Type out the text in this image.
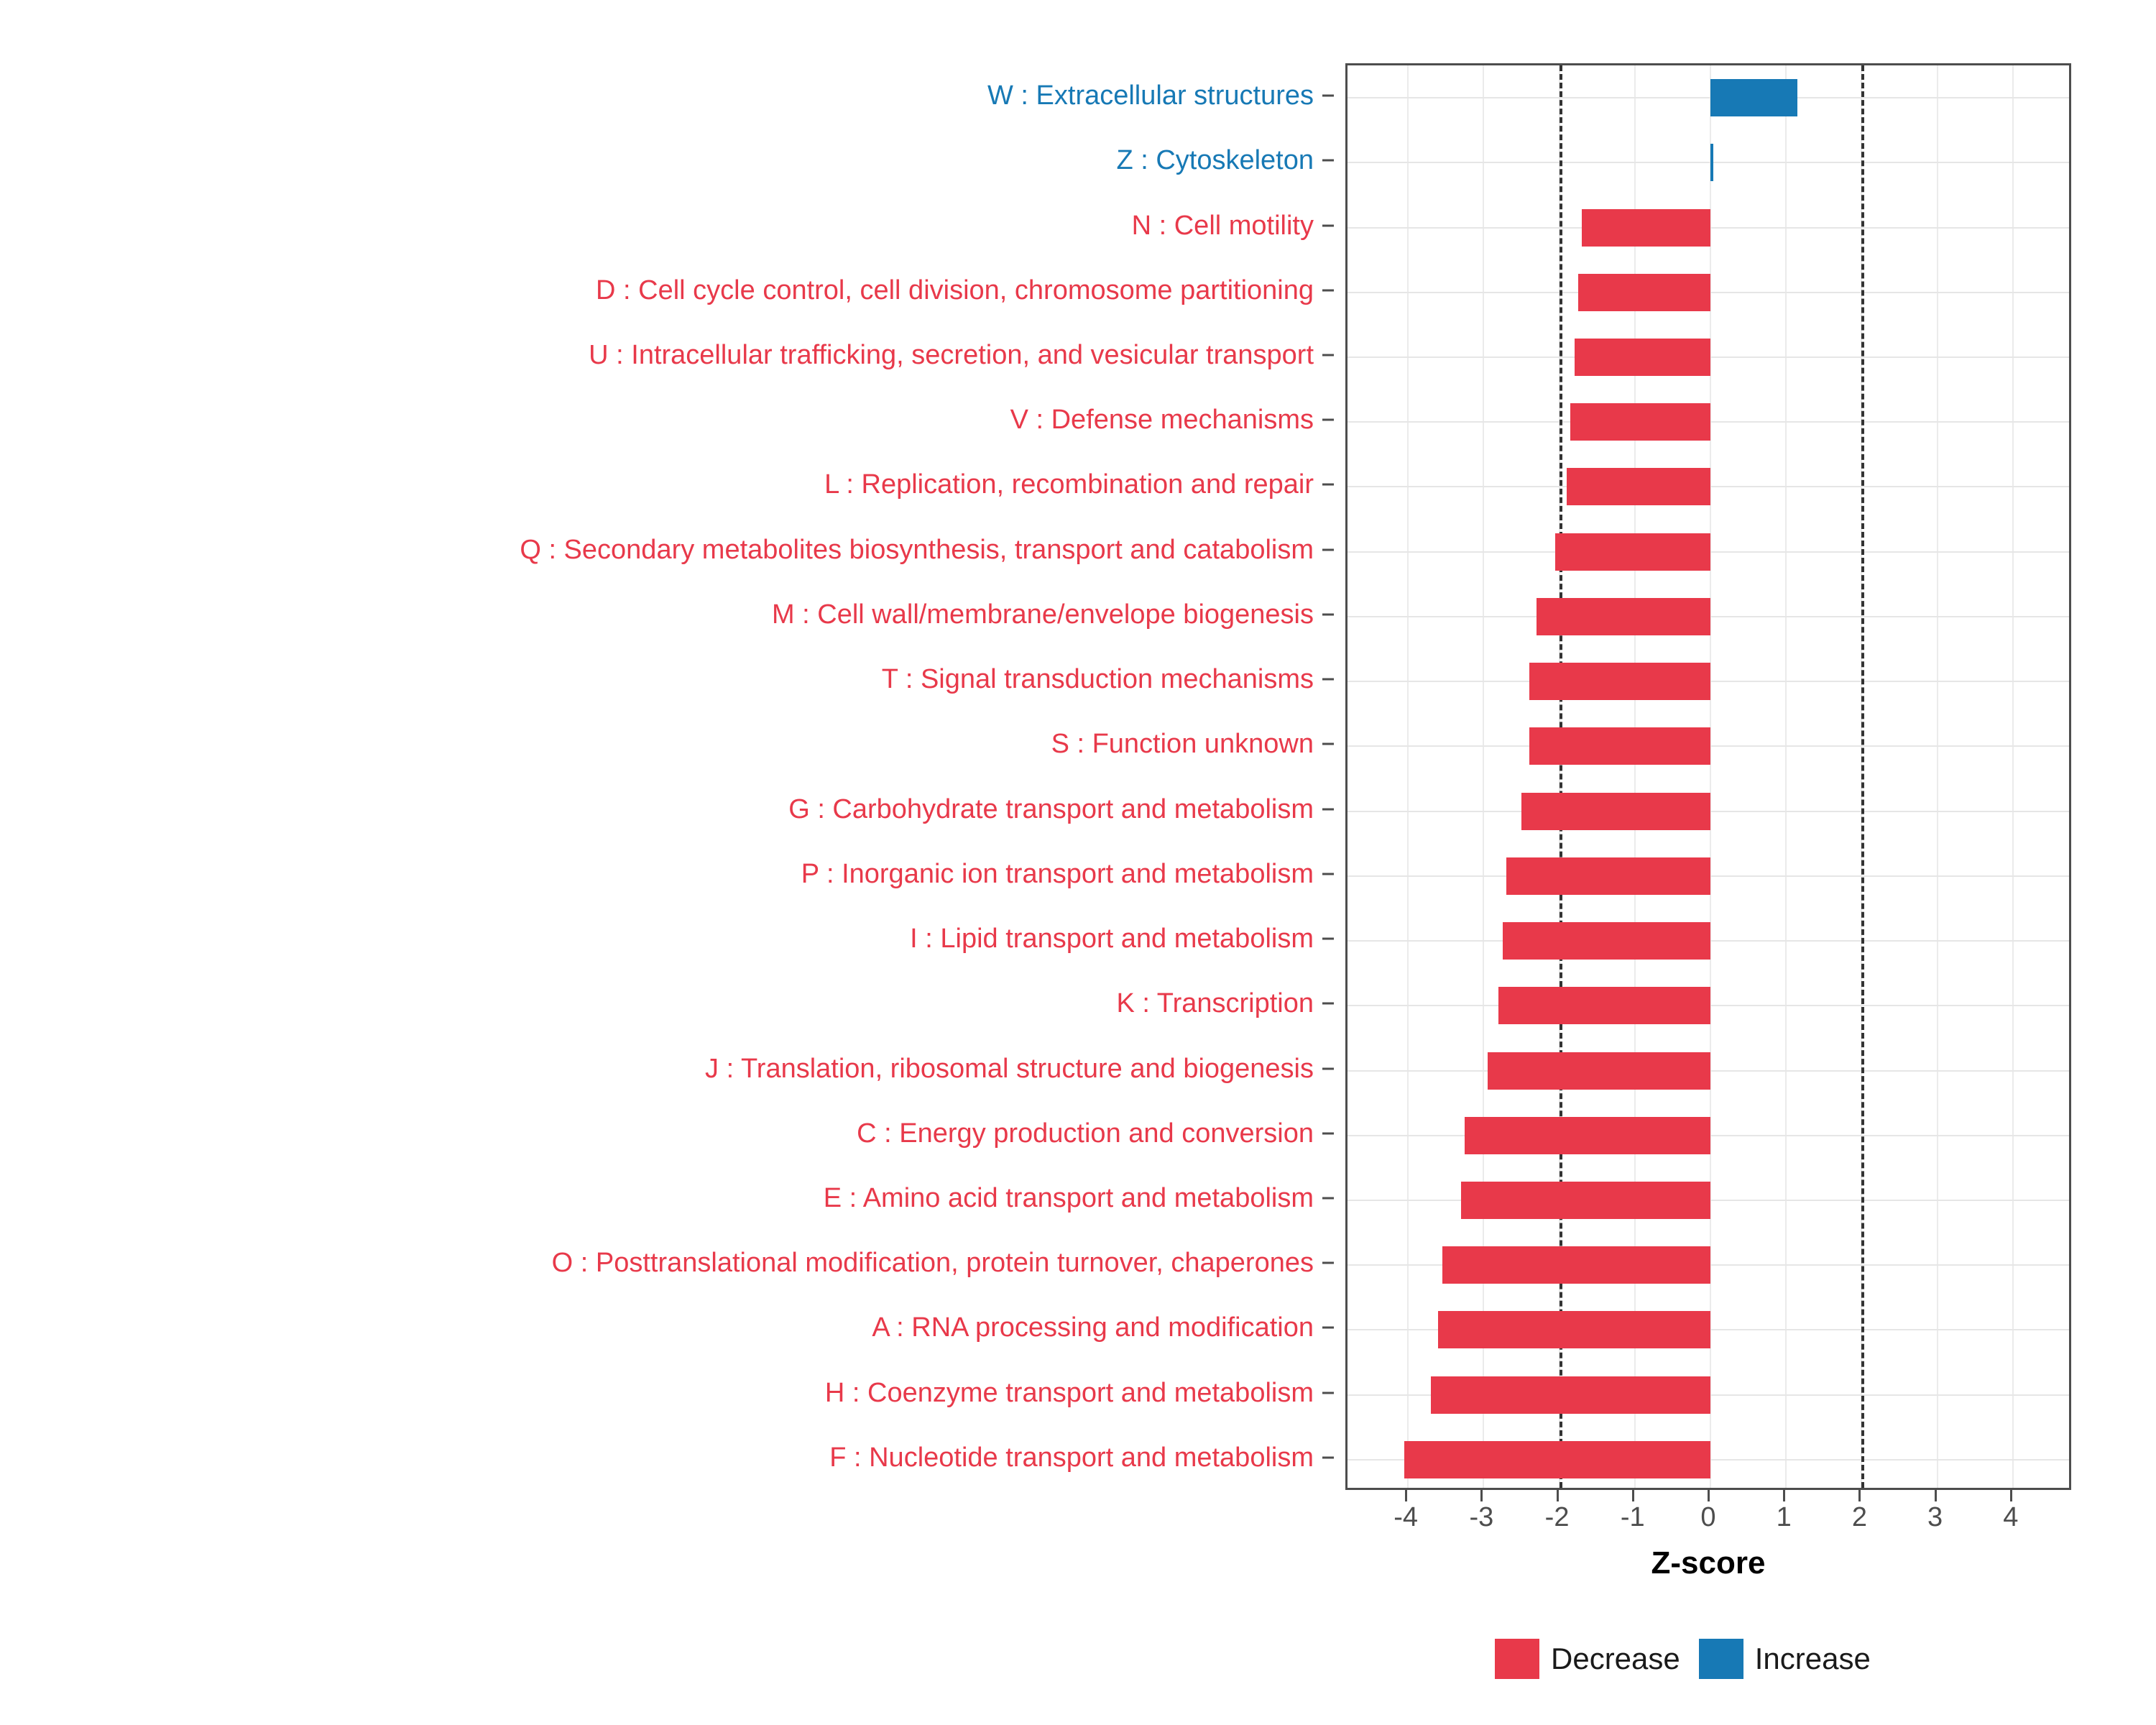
W : Extracellular structures
Z : Cytoskeleton
N : Cell motility
D : Cell cycle control, cell division, chromosome partitioning
U : Intracellular trafficking, secretion, and vesicular transport
V : Defense mechanisms
L : Replication, recombination and repair
Q : Secondary metabolites biosynthesis, transport and catabolism
M : Cell wall/membrane/envelope biogenesis
T : Signal transduction mechanisms
S : Function unknown
G : Carbohydrate transport and metabolism
P : Inorganic ion transport and metabolism
I : Lipid transport and metabolism
K : Transcription
J : Translation, ribosomal structure and biogenesis
C : Energy production and conversion
E : Amino acid transport and metabolism
O : Posttranslational modification, protein turnover, chaperones
A : RNA processing and modification
H : Coenzyme transport and metabolism
F : Nucleotide transport and metabolism
Z-score
Decrease Increase
-4 -3 -2 -1 0 1 2 3 4
